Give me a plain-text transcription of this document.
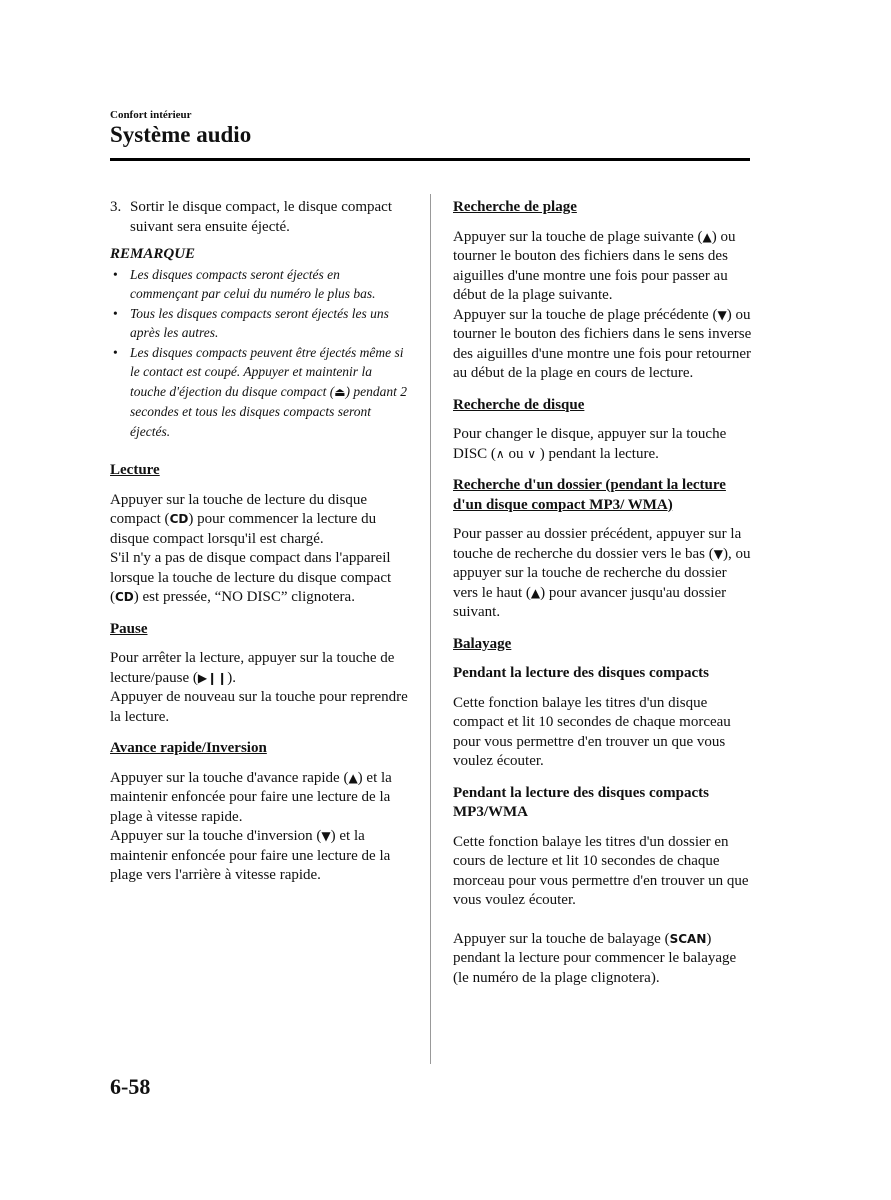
Confort intérieur
Système audio
3. Sortir le disque compact, le disque compact suivant sera ensuite éjecté.
REMARQUE
• Les disques compacts seront éjectés en commençant par celui du numéro le plus bas.
• Tous les disques compacts seront éjectés les uns après les autres.
• Les disques compacts peuvent être éjectés même si le contact est coupé. Appuyer et maintenir la touche d'éjection du disque compact (⏏) pendant 2 secondes et tous les disques compacts seront éjectés.

Lecture

Appuyer sur la touche de lecture du disque compact (CD) pour commencer la lecture du disque compact lorsqu'il est chargé.

S'il n'y a pas de disque compact dans l'appareil lorsque la touche de lecture du disque compact (CD) est pressée, “NO DISC” clignotera.

Pause

Pour arrêter la lecture, appuyer sur la touche de lecture/pause (▶❙❙).

Appuyer de nouveau sur la touche pour reprendre la lecture.

Avance rapide/Inversion

Appuyer sur la touche d'avance rapide (▲) et la maintenir enfoncée pour faire une lecture de la plage à vitesse rapide.

Appuyer sur la touche d'inversion (▼) et la maintenir enfoncée pour faire une lecture de la plage vers l'arrière à vitesse rapide.

Recherche de plage

Appuyer sur la touche de plage suivante (▲) ou tourner le bouton des fichiers dans le sens des aiguilles d'une montre une fois pour passer au début de la plage suivante.

Appuyer sur la touche de plage précédente (▼) ou tourner le bouton des fichiers dans le sens inverse des aiguilles d'une montre une fois pour retourner au début de la plage en cours de lecture.

Recherche de disque

Pour changer le disque, appuyer sur la touche DISC (∧ ou ∨ ) pendant la lecture.

Recherche d'un dossier (pendant la lecture d'un disque compact MP3/ WMA)

Pour passer au dossier précédent, appuyer sur la touche de recherche du dossier vers le bas (▼), ou appuyer sur la touche de recherche du dossier vers le haut (▲) pour avancer jusqu'au dossier suivant.

Balayage

Pendant la lecture des disques compacts

Cette fonction balaye les titres d'un disque compact et lit 10 secondes de chaque morceau pour vous permettre d'en trouver un que vous voulez écouter.

Pendant la lecture des disques compacts MP3/WMA

Cette fonction balaye les titres d'un dossier en cours de lecture et lit 10 secondes de chaque morceau pour vous permettre d'en trouver un que vous voulez écouter.

Appuyer sur la touche de balayage (SCAN) pendant la lecture pour commencer le balayage (le numéro de la plage clignotera).

6-58
